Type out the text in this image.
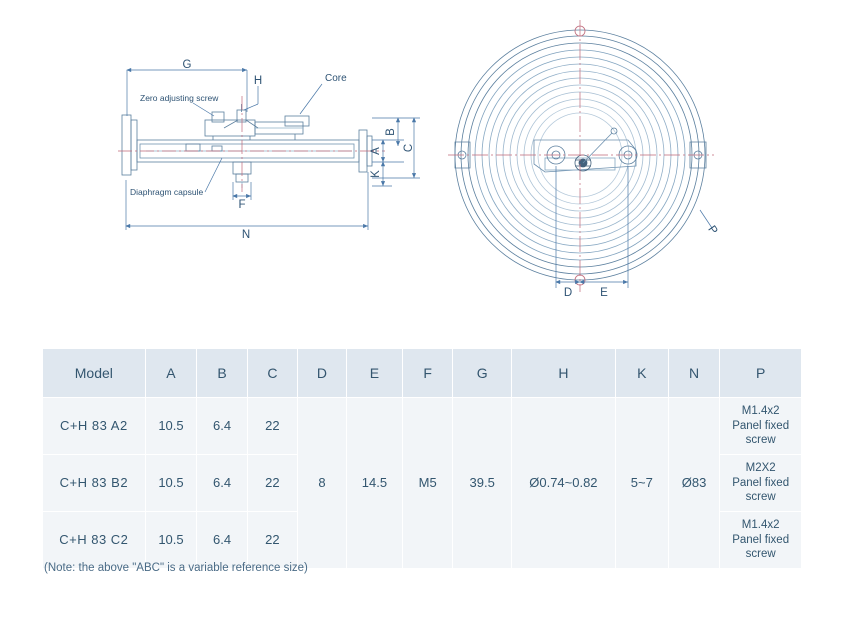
G
H	Core
Zero adjusting screw
Diaphragm capsule
B
A C
K
F
N
D E
P
Model	A	B	C	D	E	F	G	H	K	N	P
C+H 83 A2	10.5	6.4	22	8	14.5	M5	39.5	Ø0.74~0.82	5~7	Ø83	M1.4x2
Panel fixed
screw
C+H 83 B2	10.5	6.4	22								M2X2
Panel fixed
screw
C+H 83 C2	10.5	6.4	22								M1.4x2
Panel fixed
screw
(Note: the above "ABC" is a variable reference size)
